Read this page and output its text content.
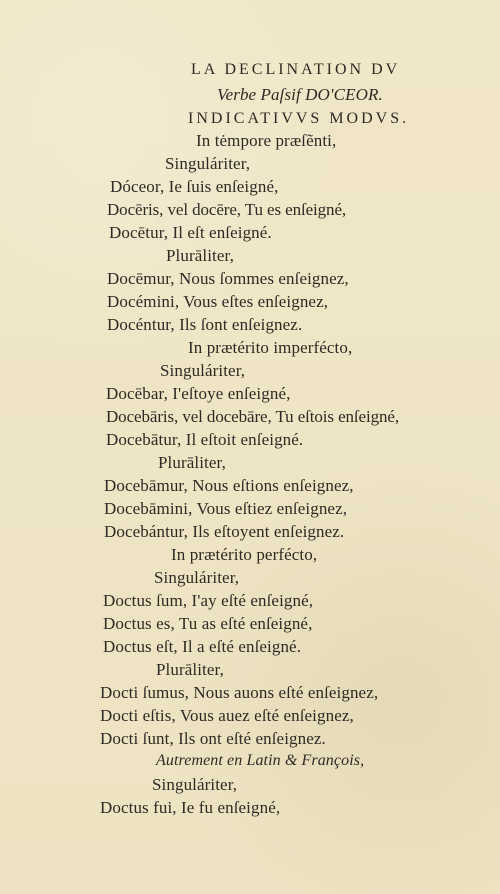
LA DECLINATION DV
Verbe Paſsif DO'CEOR.
INDICATIVVS MODVS.
In tėmpore præſẽnti,
Singuláriter,
Dóceor, Ie ſuis enſeigné,
Docēris, vel docēre, Tu es enſeigné,
Docētur, Il eſt enſeigné.
Plurāliter,
Docēmur, Nous ſommes enſeignez,
Docémini, Vous eſtes enſeignez,
Docéntur, Ils ſont enſeignez.
In prætérito imperfécto,
Singuláriter,
Docēbar, I'eſtoye enſeigné,
Docebāris, vel docebāre, Tu eſtois enſeigné,
Docebātur, Il eſtoit enſeigné.
Plurāliter,
Docebāmur, Nous eſtions enſeignez,
Docebāmini, Vous eſtiez enſeignez,
Docebántur, Ils eſtoyent enſeignez.
In prætérito perfécto,
Singuláriter,
Doctus ſum, I'ay eſté enſeigné,
Doctus es, Tu as eſté enſeigné,
Doctus eſt, Il a eſté enſeigné.
Plurāliter,
Docti ſumus, Nous auons eſté enſeignez,
Docti eſtis, Vous auez eſté enſeignez,
Docti ſunt, Ils ont eſté enſeignez.
Autrement en Latin & François,
Singuláriter,
Doctus fui, Ie fu enſeigné,
